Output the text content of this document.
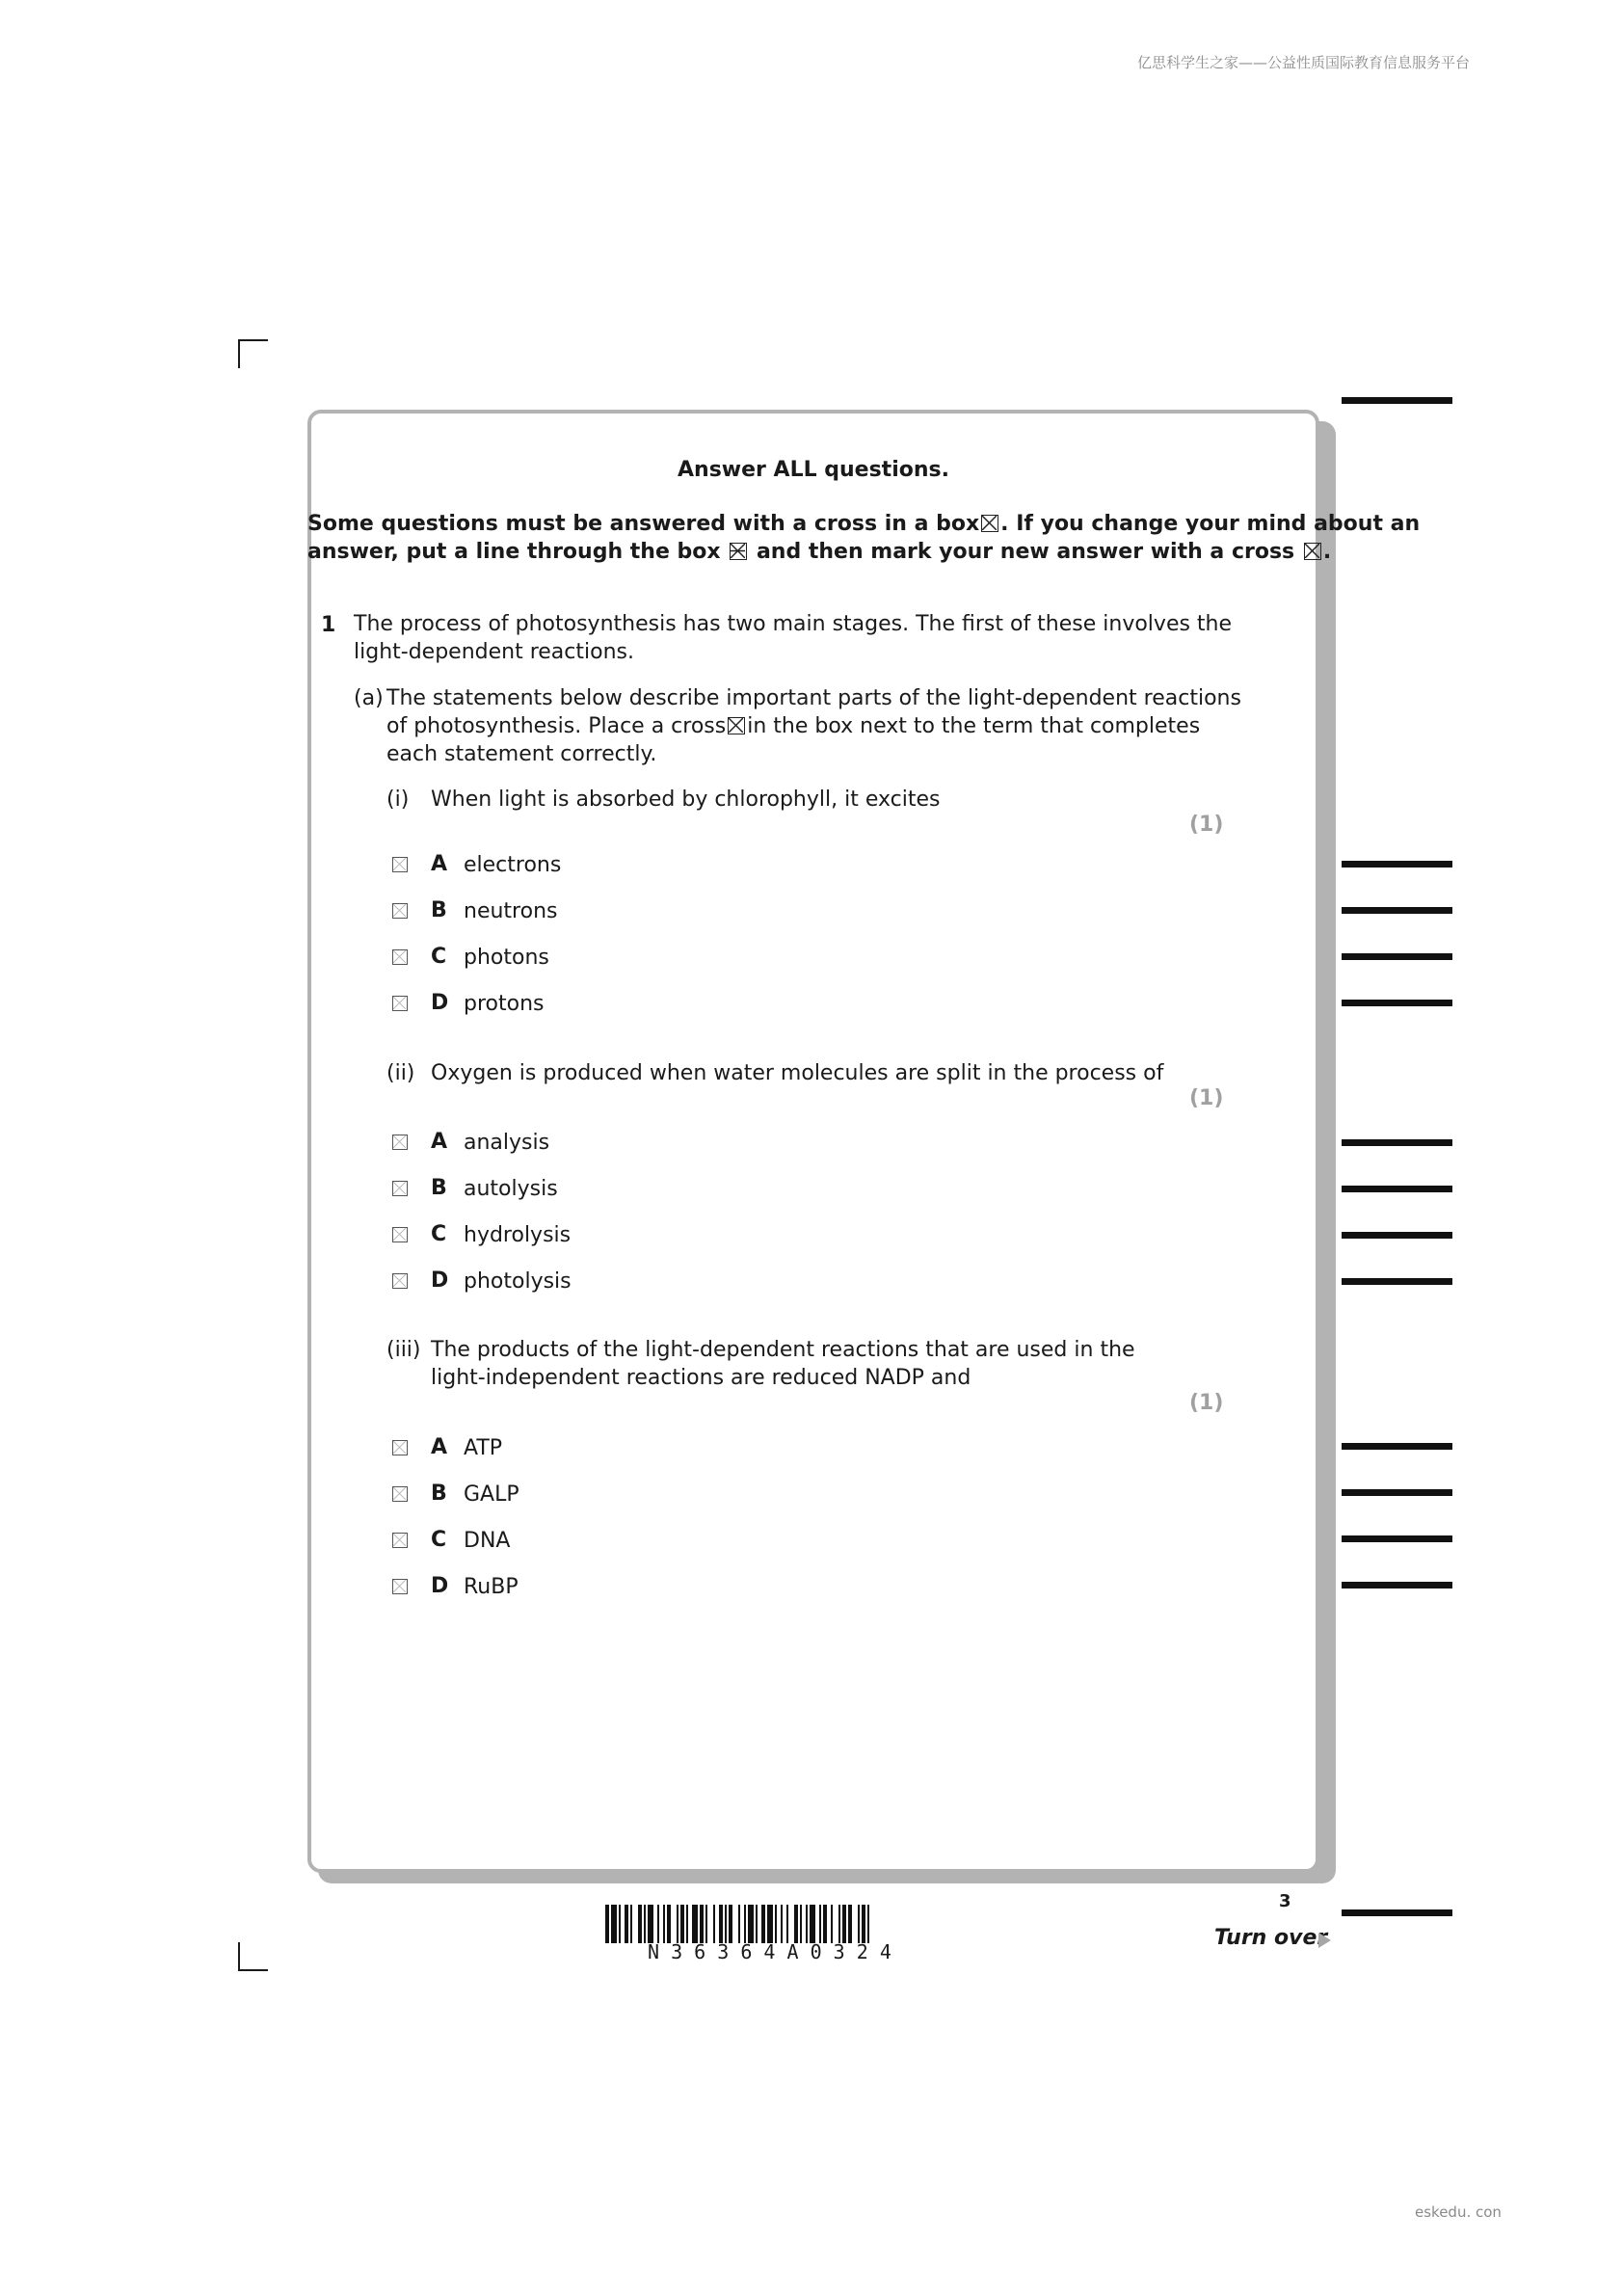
亿思科学生之家——公益性质国际教育信息服务平台
eskedu. con
Answer ALL questions.
Some questions must be answered with a cross in a box ☒ . If you change your mind about an
answer, put a line through the box and then mark your new answer with a cross ☒ .
1 The process of photosynthesis has two main stages. The first of these involves the
light-dependent reactions.
(a) The statements below describe important parts of the light-dependent reactions
of photosynthesis. Place a cross ☒ in the box next to the term that completes
each statement correctly.
(i) When light is absorbed by chlorophyll, it excites
(1)
A electrons
B neutrons
C photons
D protons
(ii) Oxygen is produced when water molecules are split in the process of
(1)
A analysis
B autolysis
C hydrolysis
D photolysis
(iii) The products of the light-dependent reactions that are used in the
light-independent reactions are reduced NADP and
(1)
A ATP
B GALP
C DNA
D RuBP
3
Turn over
N 3 6 3 6 4 A 0 3 2 4
